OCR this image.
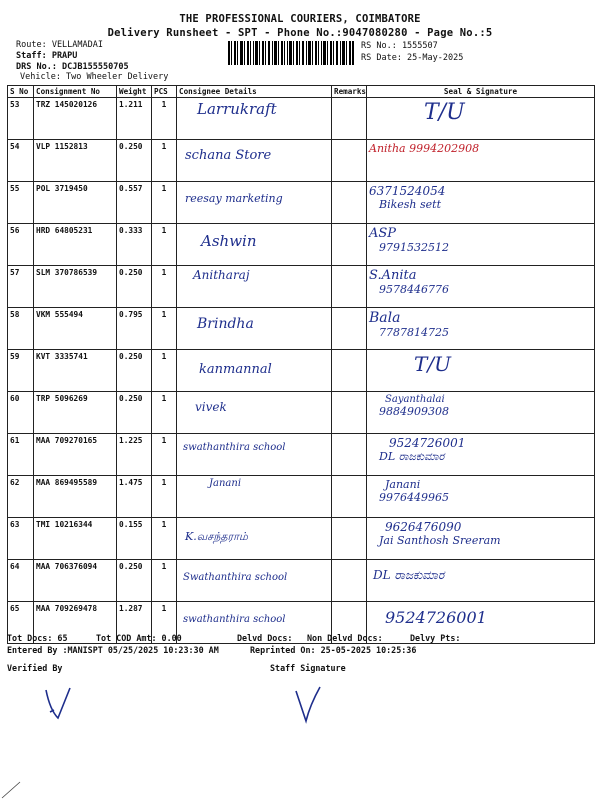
THE PROFESSIONAL COURIERS, COIMBATORE
Delivery Runsheet - SPT - Phone No.:9047080280 - Page No.:5
Route: VELLAMADAI
Staff: PRAPU
DRS No.: DCJB155550705
Vehicle: Two Wheeler Delivery
RS No.: 1555507
RS Date: 25-May-2025
S No	Consignment No	Weight	PCS	Consignee Details	Remarks	Seal & Signature
53	TRZ 145020126	1.211	1	Larrukraft		T/U

54	VLP 1152813	0.250	1	schana Store		Anitha 9994202908

55	POL 3719450	0.557	1	reesay marketing		6371524054
Bikesh sett

56	HRD 64805231	0.333	1	Ashwin		ASP
9791532512

57	SLM 370786539	0.250	1	Anitharaj		S.Anita
9578446776

58	VKM 555494	0.795	1	Brindha		Bala
7787814725

59	KVT 3335741	0.250	1	kanmannal		T/U

60	TRP 5096269	0.250	1	vivek		Sayanthalai
9884909308

61	MAA 709270165	1.225	1	swathanthira school		9524726001
DL ರಾಜಕುಮಾರ

62	MAA 869495589	1.475	1	Janani		Janani
9976449965

63	TMI 10216344	0.155	1	K.வசந்தராம்		9626476090
Jai Santhosh Sreeram

64	MAA 706376094	0.250	1	Swathanthira school		DL ರಾಜಕುಮಾರ

65	MAA 709269478	1.287	1	swathanthira school		9524726001
Tot Docs: 65	Tot COD Amt: 0.00	Delvd Docs: Non Delvd Docs:	Delvy Pts:
Entered By :MANISPT 05/25/2025 10:23:30 AM	Reprinted On: 25-05-2025 10:25:36
Verified By	Staff Signature
